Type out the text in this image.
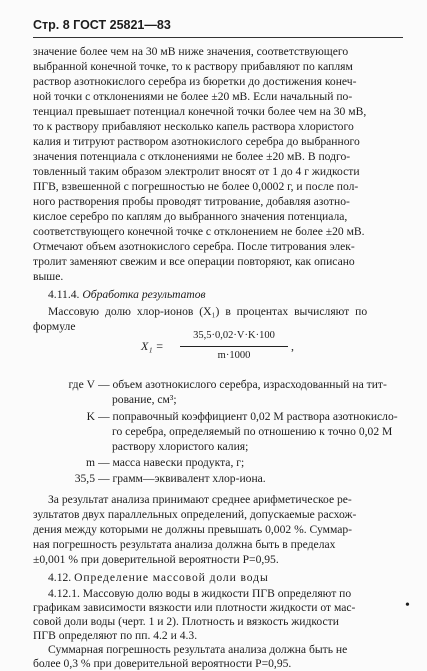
Стр. 8 ГОСТ 25821—83
значение более чем на 30 мВ ниже значения, соответствующего
выбранной конечной точке, то к раствору прибавляют по каплям
раствор азотнокислого серебра из бюретки до достижения конеч-
ной точки с отклонениями не более ±20 мВ. Если начальный по-
тенциал превышает потенциал конечной точки более чем на 30 мВ,
то к раствору прибавляют несколько капель раствора хлористого
калия и титруют раствором азотнокислого серебра до выбранного
значения потенциала с отклонениями не более ±20 мВ. В подго-
товленный таким образом электролит вносят от 1 до 4 г жидкости
ПГВ, взвешенной с погрешностью не более 0,0002 г, и после пол-
ного растворения пробы проводят титрование, добавляя азотно-
кислое серебро по каплям до выбранного значения потенциала,
соответствующего конечной точке с отклонением не более ±20 мВ.
Отмечают объем азотнокислого серебра. После титрования элек-
тролит заменяют свежим и все операции повторяют, как описано
выше.
4.11.4. Обработка результатов
Массовую долю хлор-ионов (X₁) в процентах вычисляют по
формуле
X₁ =
35,5·0,02·V·K·100
m·1000
,
где V — объем азотнокислого серебра, израсходованный на тит-
рование, см³;
K — поправочный коэффициент 0,02 М раствора азотнокисло-
го серебра, определяемый по отношению к точно 0,02 М
раствору хлористого калия;
m — масса навески продукта, г;
35,5 — грамм—эквивалент хлор-иона.
За результат анализа принимают среднее арифметическое ре-
зультатов двух параллельных определений, допускаемые расхож-
дения между которыми не должны превышать 0,002 %. Суммар-
ная погрешность результата анализа должна быть в пределах
±0,001 % при доверительной вероятности P=0,95.
4.12. Определение массовой доли воды
4.12.1. Массовую долю воды в жидкости ПГВ определяют по
графикам зависимости вязкости или плотности жидкости от мас-
совой доли воды (черт. 1 и 2). Плотность и вязкость жидкости
ПГВ определяют по пп. 4.2 и 4.3.
•
Суммарная погрешность результата анализа должна быть не
более 0,3 % при доверительной вероятности P=0,95.
